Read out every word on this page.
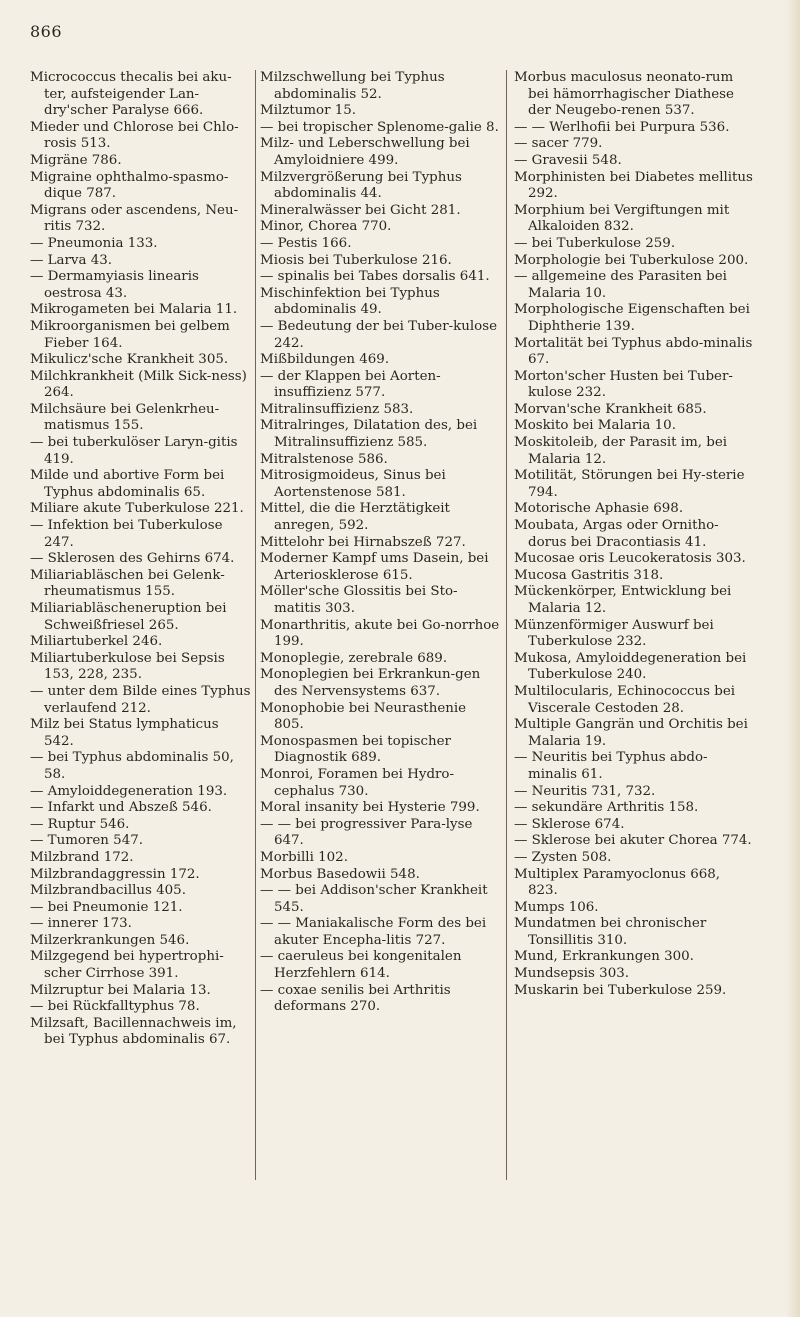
866

Micrococcus thecalis bei aku-ter, aufsteigender Lan-dry'scher Paralyse 666.

Mieder und Chlorose bei Chlo-rosis 513.

Migräne 786.

Migraine ophthalmo-spasmo-dique 787.

Migrans oder ascendens, Neu-ritis 732.

— Pneumonia 133.

— Larva 43.

— Dermamyiasis linearis oestrosa 43.

Mikrogameten bei Malaria 11.

Mikroorganismen bei gelbem Fieber 164.

Mikulicz'sche Krankheit 305.

Milchkrankheit (Milk Sick-ness) 264.

Milchsäure bei Gelenkrheu-matismus 155.

— bei tuberkulöser Laryn-gitis 419.

Milde und abortive Form bei Typhus abdominalis 65.

Miliare akute Tuberkulose 221.

— Infektion bei Tuberkulose 247.

— Sklerosen des Gehirns 674.

Miliariabläschen bei Gelenk-rheumatismus 155.

Miliariabläscheneruption bei Schweißfriesel 265.

Miliartuberkel 246.

Miliartuberkulose bei Sepsis 153, 228, 235.

— unter dem Bilde eines Typhus verlaufend 212.

Milz bei Status lymphaticus 542.

— bei Typhus abdominalis 50, 58.

— Amyloiddegeneration 193.

— Infarkt und Abszeß 546.

— Ruptur 546.

— Tumoren 547.

Milzbrand 172.

Milzbrandaggressin 172.

Milzbrandbacillus 405.

— bei Pneumonie 121.

— innerer 173.

Milzerkrankungen 546.

Milzgegend bei hypertrophi-scher Cirrhose 391.

Milzruptur bei Malaria 13.

— bei Rückfalltyphus 78.

Milzsaft, Bacillennachweis im, bei Typhus abdominalis 67.

Milzschwellung bei Typhus abdominalis 52.

Milztumor 15.

— bei tropischer Splenome-galie 8.

Milz- und Leberschwellung bei Amyloidniere 499.

Milzvergrößerung bei Typhus abdominalis 44.

Mineralwässer bei Gicht 281.

Minor, Chorea 770.

— Pestis 166.

Miosis bei Tuberkulose 216.

— spinalis bei Tabes dorsalis 641.

Mischinfektion bei Typhus abdominalis 49.

— Bedeutung der bei Tuber-kulose 242.

Mißbildungen 469.

— der Klappen bei Aorten-insuffizienz 577.

Mitralinsuffizienz 583.

Mitralringes, Dilatation des, bei Mitralinsuffizienz 585.

Mitralstenose 586.

Mitrosigmoideus, Sinus bei Aortenstenose 581.

Mittel, die die Herztätigkeit anregen, 592.

Mittelohr bei Hirnabszeß 727.

Moderner Kampf ums Dasein, bei Arteriosklerose 615.

Möller'sche Glossitis bei Sto-matitis 303.

Monarthritis, akute bei Go-norrhoe 199.

Monoplegie, zerebrale 689.

Monoplegien bei Erkrankun-gen des Nervensystems 637.

Monophobie bei Neurasthenie 805.

Monospasmen bei topischer Diagnostik 689.

Monroi, Foramen bei Hydro-cephalus 730.

Moral insanity bei Hysterie 799.

— — bei progressiver Para-lyse 647.

Morbilli 102.

Morbus Basedowii 548.

— — bei Addison'scher Krankheit 545.

— — Maniakalische Form des bei akuter Encepha-litis 727.

— caeruleus bei kongenitalen Herzfehlern 614.

— coxae senilis bei Arthritis deformans 270.

Morbus maculosus neonato-rum bei hämorrhagischer Diathese der Neugebo-renen 537.

— — Werlhofii bei Purpura 536.

— sacer 779.

— Gravesii 548.

Morphinisten bei Diabetes mellitus 292.

Morphium bei Vergiftungen mit Alkaloiden 832.

— bei Tuberkulose 259.

Morphologie bei Tuberkulose 200.

— allgemeine des Parasiten bei Malaria 10.

Morphologische Eigenschaften bei Diphtherie 139.

Mortalität bei Typhus abdo-minalis 67.

Morton'scher Husten bei Tuber-kulose 232.

Morvan'sche Krankheit 685.

Moskito bei Malaria 10.

Moskitoleib, der Parasit im, bei Malaria 12.

Motilität, Störungen bei Hy-sterie 794.

Motorische Aphasie 698.

Moubata, Argas oder Ornitho-dorus bei Dracontiasis 41.

Mucosae oris Leucokeratosis 303.

Mucosa Gastritis 318.

Mückenkörper, Entwicklung bei Malaria 12.

Münzenförmiger Auswurf bei Tuberkulose 232.

Mukosa, Amyloiddegeneration bei Tuberkulose 240.

Multilocularis, Echinococcus bei Viscerale Cestoden 28.

Multiple Gangrän und Orchitis bei Malaria 19.

— Neuritis bei Typhus abdo-minalis 61.

— Neuritis 731, 732.

— sekundäre Arthritis 158.

— Sklerose 674.

— Sklerose bei akuter Chorea 774.

— Zysten 508.

Multiplex Paramyoclonus 668, 823.

Mumps 106.

Mundatmen bei chronischer Tonsillitis 310.

Mund, Erkrankungen 300.

Mundsepsis 303.

Muskarin bei Tuberkulose 259.
